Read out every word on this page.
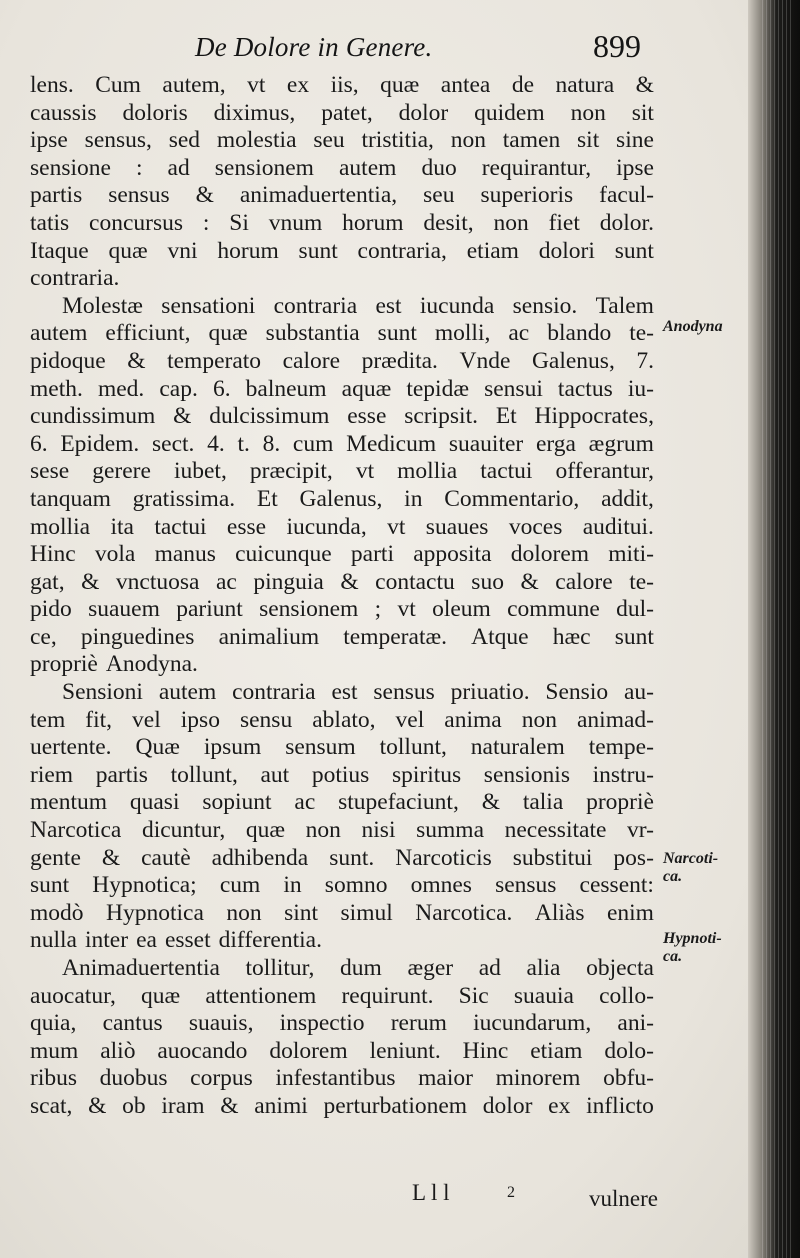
De Dolore in Genere.	899
lens. Cum autem, vt ex iis, quæ antea de natura &
caussis doloris diximus, patet, dolor quidem non sit
ipse sensus, sed molestia seu tristitia, non tamen sit sine
sensione : ad sensionem autem duo requirantur, ipse
partis sensus & animaduertentia, seu superioris facul-
tatis concursus : Si vnum horum desit, non fiet dolor.
Itaque quæ vni horum sunt contraria, etiam dolori sunt
contraria.
Molestæ sensationi contraria est iucunda sensio. Talem
autem efficiunt, quæ substantia sunt molli, ac blando te-
pidoque & temperato calore prædita. Vnde Galenus, 7.
meth. med. cap. 6. balneum aquæ tepidæ sensui tactus iu-
cundissimum & dulcissimum esse scripsit. Et Hippocrates,
6. Epidem. sect. 4. t. 8. cum Medicum suauiter erga ægrum
sese gerere iubet, præcipit, vt mollia tactui offerantur,
tanquam gratissima. Et Galenus, in Commentario, addit,
mollia ita tactui esse iucunda, vt suaues voces auditui.
Hinc vola manus cuicunque parti apposita dolorem miti-
gat, & vnctuosa ac pinguia & contactu suo & calore te-
pido suauem pariunt sensionem ; vt oleum commune dul-
ce, pinguedines animalium temperatæ. Atque hæc sunt
propriè Anodyna.
Sensioni autem contraria est sensus priuatio. Sensio au-
tem fit, vel ipso sensu ablato, vel anima non animad-
uertente. Quæ ipsum sensum tollunt, naturalem tempe-
riem partis tollunt, aut potius spiritus sensionis instru-
mentum quasi sopiunt ac stupefaciunt, & talia propriè
Narcotica dicuntur, quæ non nisi summa necessitate vr-
gente & cautè adhibenda sunt. Narcoticis substitui pos-
sunt Hypnotica; cum in somno omnes sensus cessent:
modò Hypnotica non sint simul Narcotica. Aliàs enim
nulla inter ea esset differentia.
Animaduertentia tollitur, dum æger ad alia objecta
auocatur, quæ attentionem requirunt. Sic suauia collo-
quia, cantus suauis, inspectio rerum iucundarum, ani-
mum aliò auocando dolorem leniunt. Hinc etiam dolo-
ribus duobus corpus infestantibus maior minorem obfu-
scat, & ob iram & animi perturbationem dolor ex inflicto
Anodyna
Narcoti-
ca.
Hypnoti-
ca.
L l l	2	vulnere
